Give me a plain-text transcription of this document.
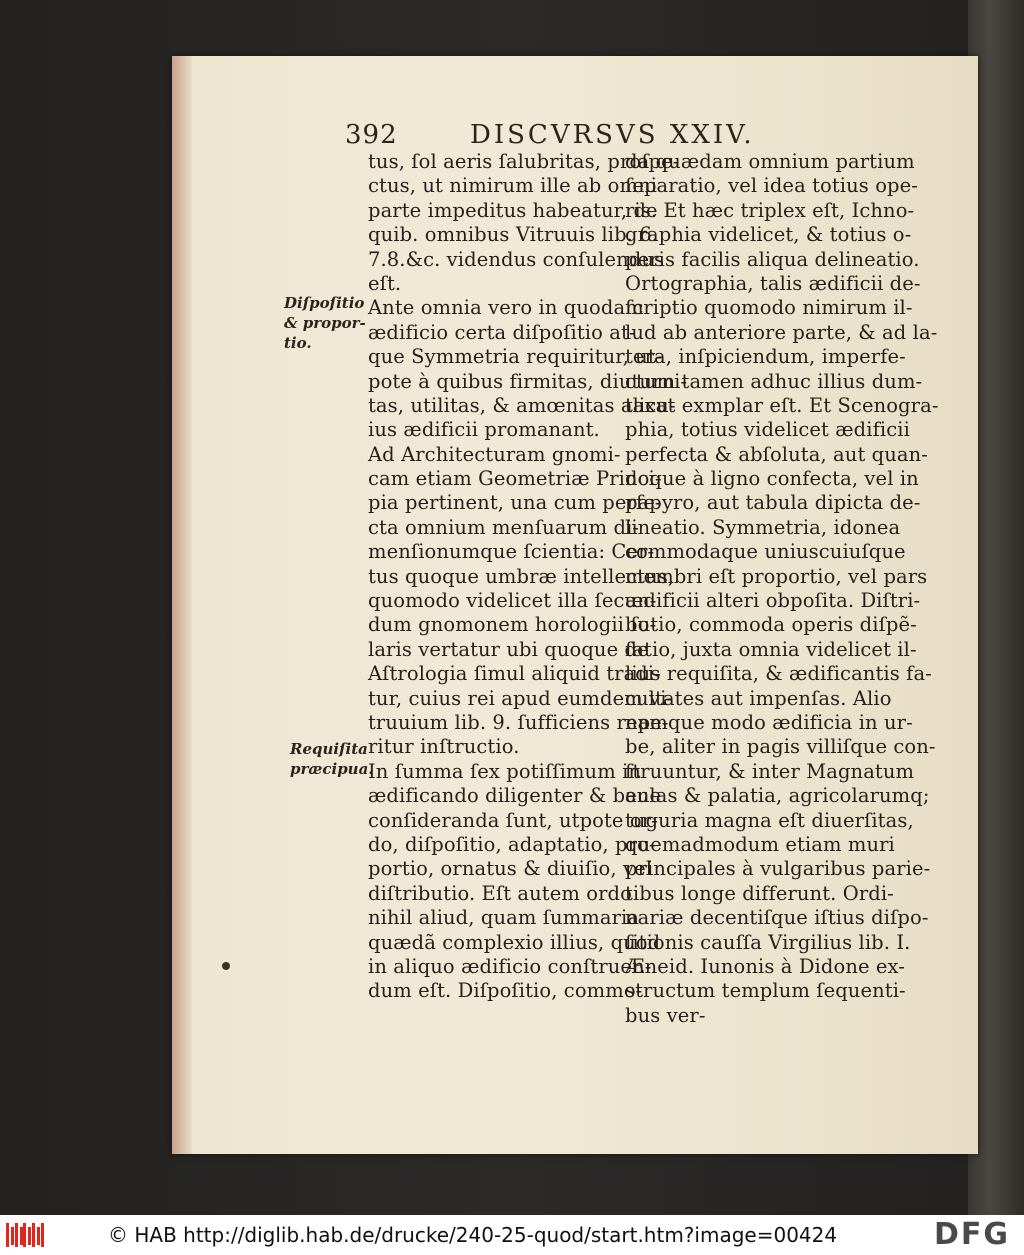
392	DISCVRSVS XXIV.
Diſpoſitio
& propor-
tio.
Requiſita
præcipua.
tus, ſol aeris ſalubritas, proſpe-
ctus, ut nimirum ille ab omni
parte impeditus habeatur, de
quib. omnibus Vitruuis lib. 6.
7.8.&c. videndus conſulendus
eſt.
Ante omnia vero in quodam
ædificio certa diſpoſitio at-
que Symmetria requiritur, ut-
pote à quibus firmitas, diuturni-
tas, utilitas, & amœnitas alicu-
ius ædificii promanant.
Ad Architecturam gnomi-
cam etiam Geometriæ Princi-
pia pertinent, una cum perfe-
cta omnium menſuarum di-
menſionumque ſcientia: Cer-
tus quoque umbræ intellectus,
quomodo videlicet illa ſecun-
dum gnomonem horologii ſo-
laris vertatur ubi quoque de
Aſtrologia ſimul aliquid tradi-
tur, cuius rei apud eumdem vi-
truuium lib. 9. ſufficiens repe-
ritur inſtructio.
In ſumma ſex potiſſimum in
ædificando diligenter & bene
conſideranda ſunt, utpote or-
do, diſpoſitio, adaptatio, pro-
portio, ornatus & diuiſio, vel
diſtributio. Eſt autem ordo
nihil aliud, quam ſummaria
quædã complexio illius, quod
in aliquo ædificio conſtruen-
dum eſt. Diſpoſitio, commo-
da quædam omnium partium
ſeparatio, vel idea totius ope-
ris. Et hæc triplex eſt, Ichno-
graphia videlicet, & totius o-
peris facilis aliqua delineatio.
Ortographia, talis ædificii de-
ſcriptio quomodo nimirum il-
lud ab anteriore parte, & ad la-
tera, inſpiciendum, imperfe-
ctum tamen adhuc illius dum-
taxat exmplar eſt. Et Scenogra-
phia, totius videlicet ædificii
perfecta & abſoluta, aut quan-
doque à ligno confecta, vel in
papyro, aut tabula dipicta de-
lineatio. Symmetria, idonea
commodaque uniuscuiuſque
membri eſt proportio, vel pars
ædificii alteri obpoſita. Diſtri-
butio, commoda operis diſpẽ-
ſatio, juxta omnia videlicet il-
lius requiſita, & ædificantis fa-
cultates aut impenſas. Alio
namque modo ædificia in ur-
be, aliter in pagis villiſque con-
ſtruuntur, & inter Magnatum
aulas & palatia, agricolarumq;
tuguria magna eſt diuerſitas,
quemadmodum etiam muri
principales à vulgaribus parie-
tibus longe differunt. Ordi-
nariæ decentiſque iſtius diſpo-
ſitionis cauſſa Virgilius lib. I.
Æneid. Iunonis à Didone ex-
structum templum ſequenti-
bus ver-
© HAB http://diglib.hab.de/drucke/240-25-quod/start.htm?image=00424	DFG
